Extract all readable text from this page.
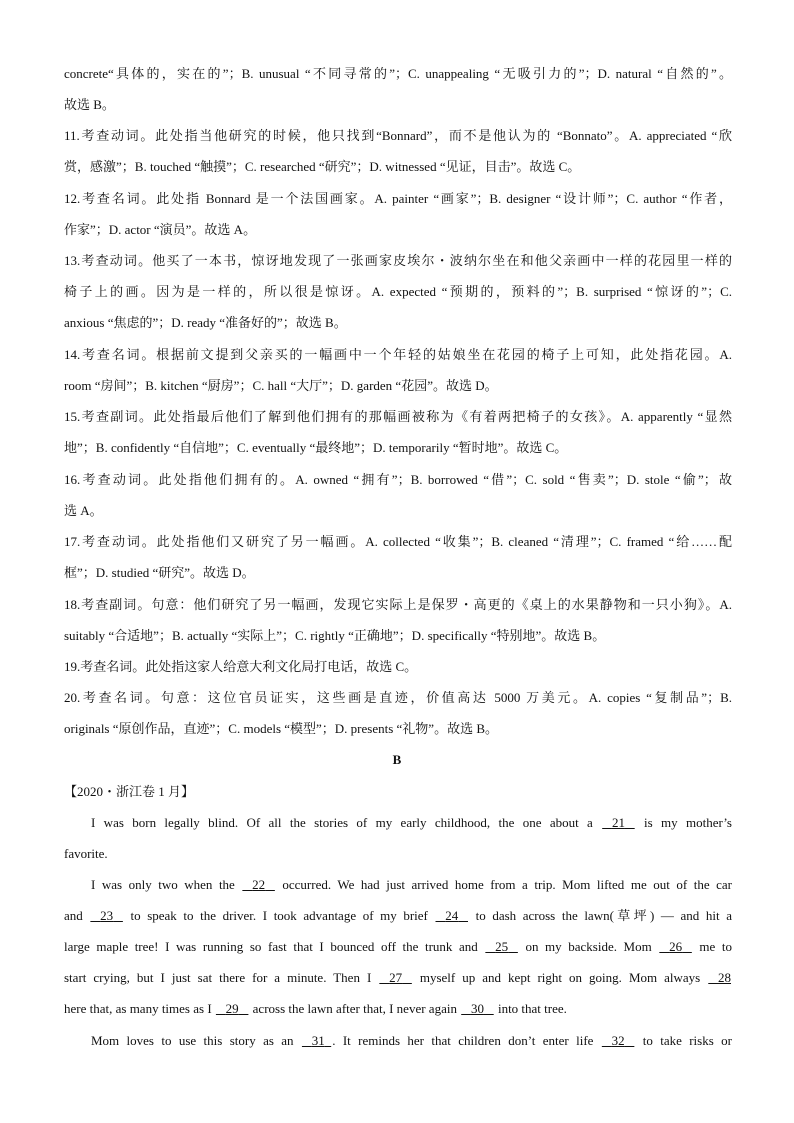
concrete“具体的，实在的”；B. unusual “不同寻常的”；C. unappealing “无吸引力的”；D. natural “自然的”。
故选 B。
11.考查动词。此处指当他研究的时候，他只找到“Bonnard”，而不是他认为的 “Bonnato”。A. appreciated “欣
赏，感激”；B. touched “触摸”；C. researched “研究”；D. witnessed “见证，目击”。故选 C。
12.考查名词。此处指 Bonnard 是一个法国画家。A. painter “画家”；B. designer “设计师”；C. author “作者，
作家”；D. actor “演员”。故选 A。
13.考查动词。他买了一本书，惊讶地发现了一张画家皮埃尔・波纳尔坐在和他父亲画中一样的花园里一样的
椅子上的画。因为是一样的，所以很是惊讶。A. expected “预期的，预料的”；B. surprised “惊讶的”；C.
anxious “焦虑的”；D. ready “准备好的”；故选 B。
14.考查名词。根据前文提到父亲买的一幅画中一个年轻的姑娘坐在花园的椅子上可知，此处指花园。A.
room “房间”；B. kitchen “厨房”；C. hall “大厅”；D. garden “花园”。故选 D。
15.考查副词。此处指最后他们了解到他们拥有的那幅画被称为《有着两把椅子的女孩》。A. apparently “显然
地”；B. confidently “自信地”；C. eventually “最终地”；D. temporarily “暂时地”。故选 C。
16.考查动词。此处指他们拥有的。A. owned “拥有”；B. borrowed “借”；C. sold “售卖”；D. stole “偷”；故
选 A。
17.考查动词。此处指他们又研究了另一幅画。A. collected “收集”；B. cleaned “清理”；C. framed “给……配
框”；D. studied “研究”。故选 D。
18.考查副词。句意：他们研究了另一幅画，发现它实际上是保罗・高更的《桌上的水果静物和一只小狗》。A.
suitably “合适地”；B. actually “实际上”；C. rightly “正确地”；D. specifically “特别地”。故选 B。
19.考查名词。此处指这家人给意大利文化局打电话，故选 C。
20.考查名词。句意：这位官员证实，这些画是直迹，价值高达 5000 万美元。A. copies “复制品”；B.
originals “原创作品，直迹”；C. models “模型”；D. presents “礼物”。故选 B。
B
【2020・浙江卷 1 月】
I was born legally blind. Of all the stories of my early childhood, the one about a    21    is my mother’s
favorite.
I was only two when the    22    occurred. We had just arrived home from a trip. Mom lifted me out of the car
and    23    to speak to the driver. I took advantage of my brief    24    to dash across the lawn(草坪) — and hit a
large maple tree! I was running so fast that I bounced off the trunk and    25    on my backside. Mom    26    me to
start crying, but I just sat there for a minute. Then I    27    myself up and kept right on going. Mom always    28
here that, as many times as I    29    across the lawn after that, I never again    30    into that tree.
Mom loves to use this story as an    31 . It reminds her that children don’t enter life    32    to take risks or
